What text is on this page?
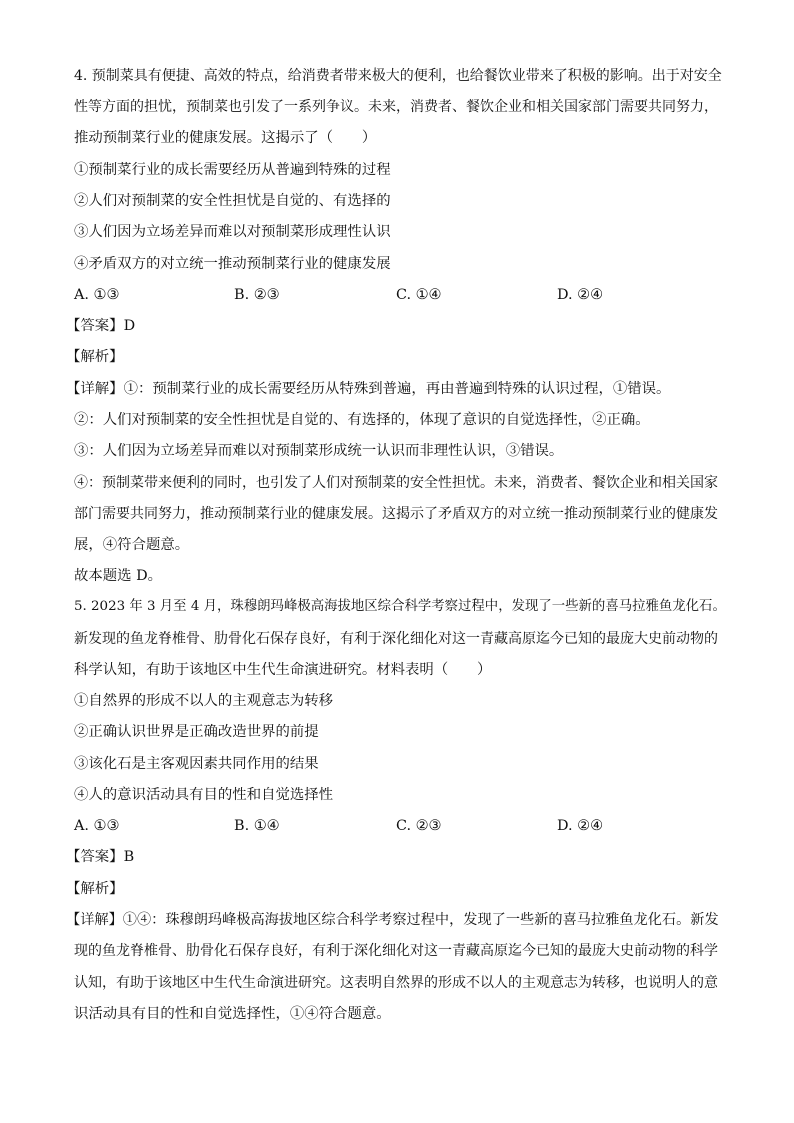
4. 预制菜具有便捷、高效的特点，给消费者带来极大的便利，也给餐饮业带来了积极的影响。出于对安全
性等方面的担忧，预制菜也引发了一系列争议。未来，消费者、餐饮企业和相关国家部门需要共同努力，
推动预制菜行业的健康发展。这揭示了（　　）
①预制菜行业的成长需要经历从普遍到特殊的过程
②人们对预制菜的安全性担忧是自觉的、有选择的
③人们因为立场差异而难以对预制菜形成理性认识
④矛盾双方的对立统一推动预制菜行业的健康发展
A. ①③	B. ②③	C. ①④	D. ②④
【答案】D
【解析】
【详解】①：预制菜行业的成长需要经历从特殊到普遍，再由普遍到特殊的认识过程，①错误。
②：人们对预制菜的安全性担忧是自觉的、有选择的，体现了意识的自觉选择性，②正确。
③：人们因为立场差异而难以对预制菜形成统一认识而非理性认识，③错误。
④：预制菜带来便利的同时，也引发了人们对预制菜的安全性担忧。未来，消费者、餐饮企业和相关国家
部门需要共同努力，推动预制菜行业的健康发展。这揭示了矛盾双方的对立统一推动预制菜行业的健康发
展，④符合题意。
故本题选 D。
5. 2023 年 3 月至 4 月，珠穆朗玛峰极高海拔地区综合科学考察过程中，发现了一些新的喜马拉雅鱼龙化石。
新发现的鱼龙脊椎骨、肋骨化石保存良好，有利于深化细化对这一青藏高原迄今已知的最庞大史前动物的
科学认知，有助于该地区中生代生命演进研究。材料表明（　　）
①自然界的形成不以人的主观意志为转移
②正确认识世界是正确改造世界的前提
③该化石是主客观因素共同作用的结果
④人的意识活动具有目的性和自觉选择性
A. ①③	B. ①④	C. ②③	D. ②④
【答案】B
【解析】
【详解】①④：珠穆朗玛峰极高海拔地区综合科学考察过程中，发现了一些新的喜马拉雅鱼龙化石。新发
现的鱼龙脊椎骨、肋骨化石保存良好，有利于深化细化对这一青藏高原迄今已知的最庞大史前动物的科学
认知，有助于该地区中生代生命演进研究。这表明自然界的形成不以人的主观意志为转移，也说明人的意
识活动具有目的性和自觉选择性，①④符合题意。
